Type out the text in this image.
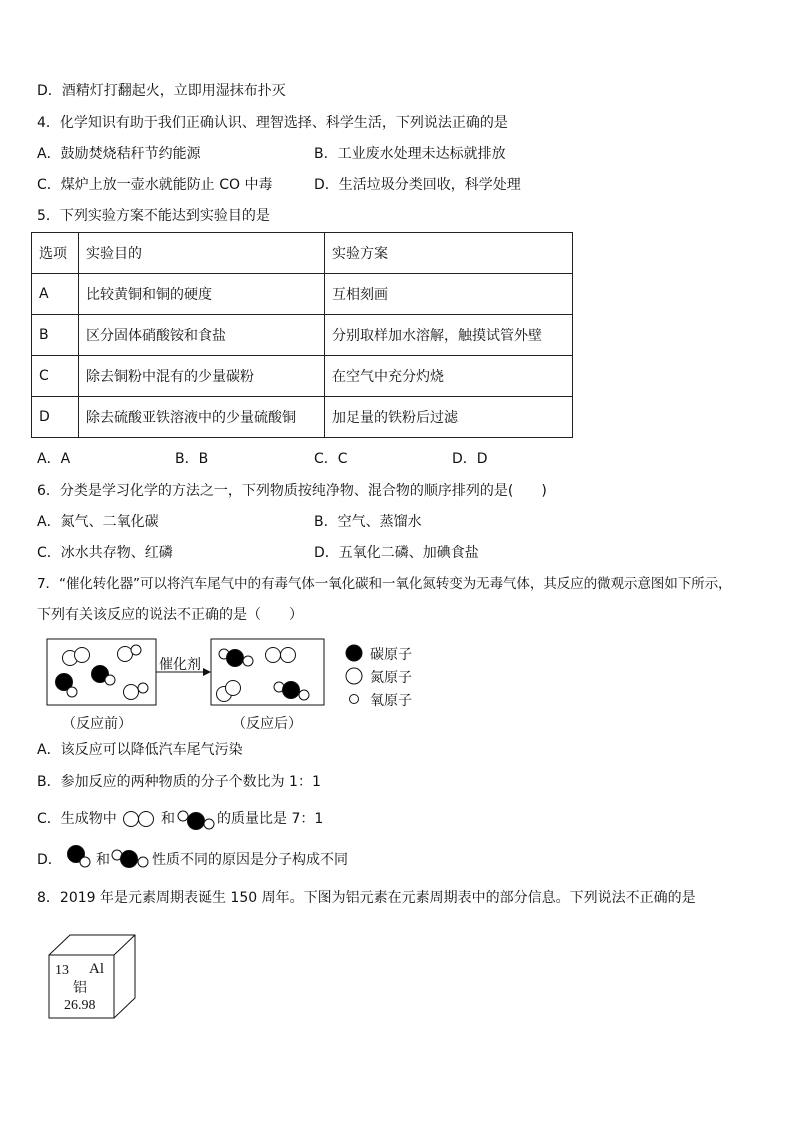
D．酒精灯打翻起火，立即用湿抹布扑灭
4．化学知识有助于我们正确认识、理智选择、科学生活，下列说法正确的是
A．鼓励焚烧秸秆节约能源	B．工业废水处理未达标就排放
C．煤炉上放一壶水就能防止 CO 中毒	D．生活垃圾分类回收，科学处理
5．下列实验方案不能达到实验目的是
选项	实验目的	实验方案
A	比较黄铜和铜的硬度	互相刻画
B	区分固体硝酸铵和食盐	分别取样加水溶解，触摸试管外壁
C	除去铜粉中混有的少量碳粉	在空气中充分灼烧
D	除去硫酸亚铁溶液中的少量硫酸铜	加足量的铁粉后过滤
A．A	B．B	C．C	D．D
6．分类是学习化学的方法之一，下列物质按纯净物、混合物的顺序排列的是(　　)
A．氮气、二氧化碳	B．空气、蒸馏水
C．冰水共存物、红磷	D．五氧化二磷、加碘食盐
7．“催化转化器”可以将汽车尾气中的有毒气体一氧化碳和一氧化氮转变为无毒气体，其反应的微观示意图如下所示，
下列有关该反应的说法不正确的是（　　）
催化剂
（反应前）	（反应后）
碳原子
氮原子
氧原子
A．该反应可以降低汽车尾气污染
B．参加反应的两种物质的分子个数比为 1：1
C．生成物中	和	的质量比是 7：1
D． 和	性质不同的原因是分子构成不同
8．2019 年是元素周期表诞生 150 周年。下图为铝元素在元素周期表中的部分信息。下列说法不正确的是
13 Al
铝
26.98
